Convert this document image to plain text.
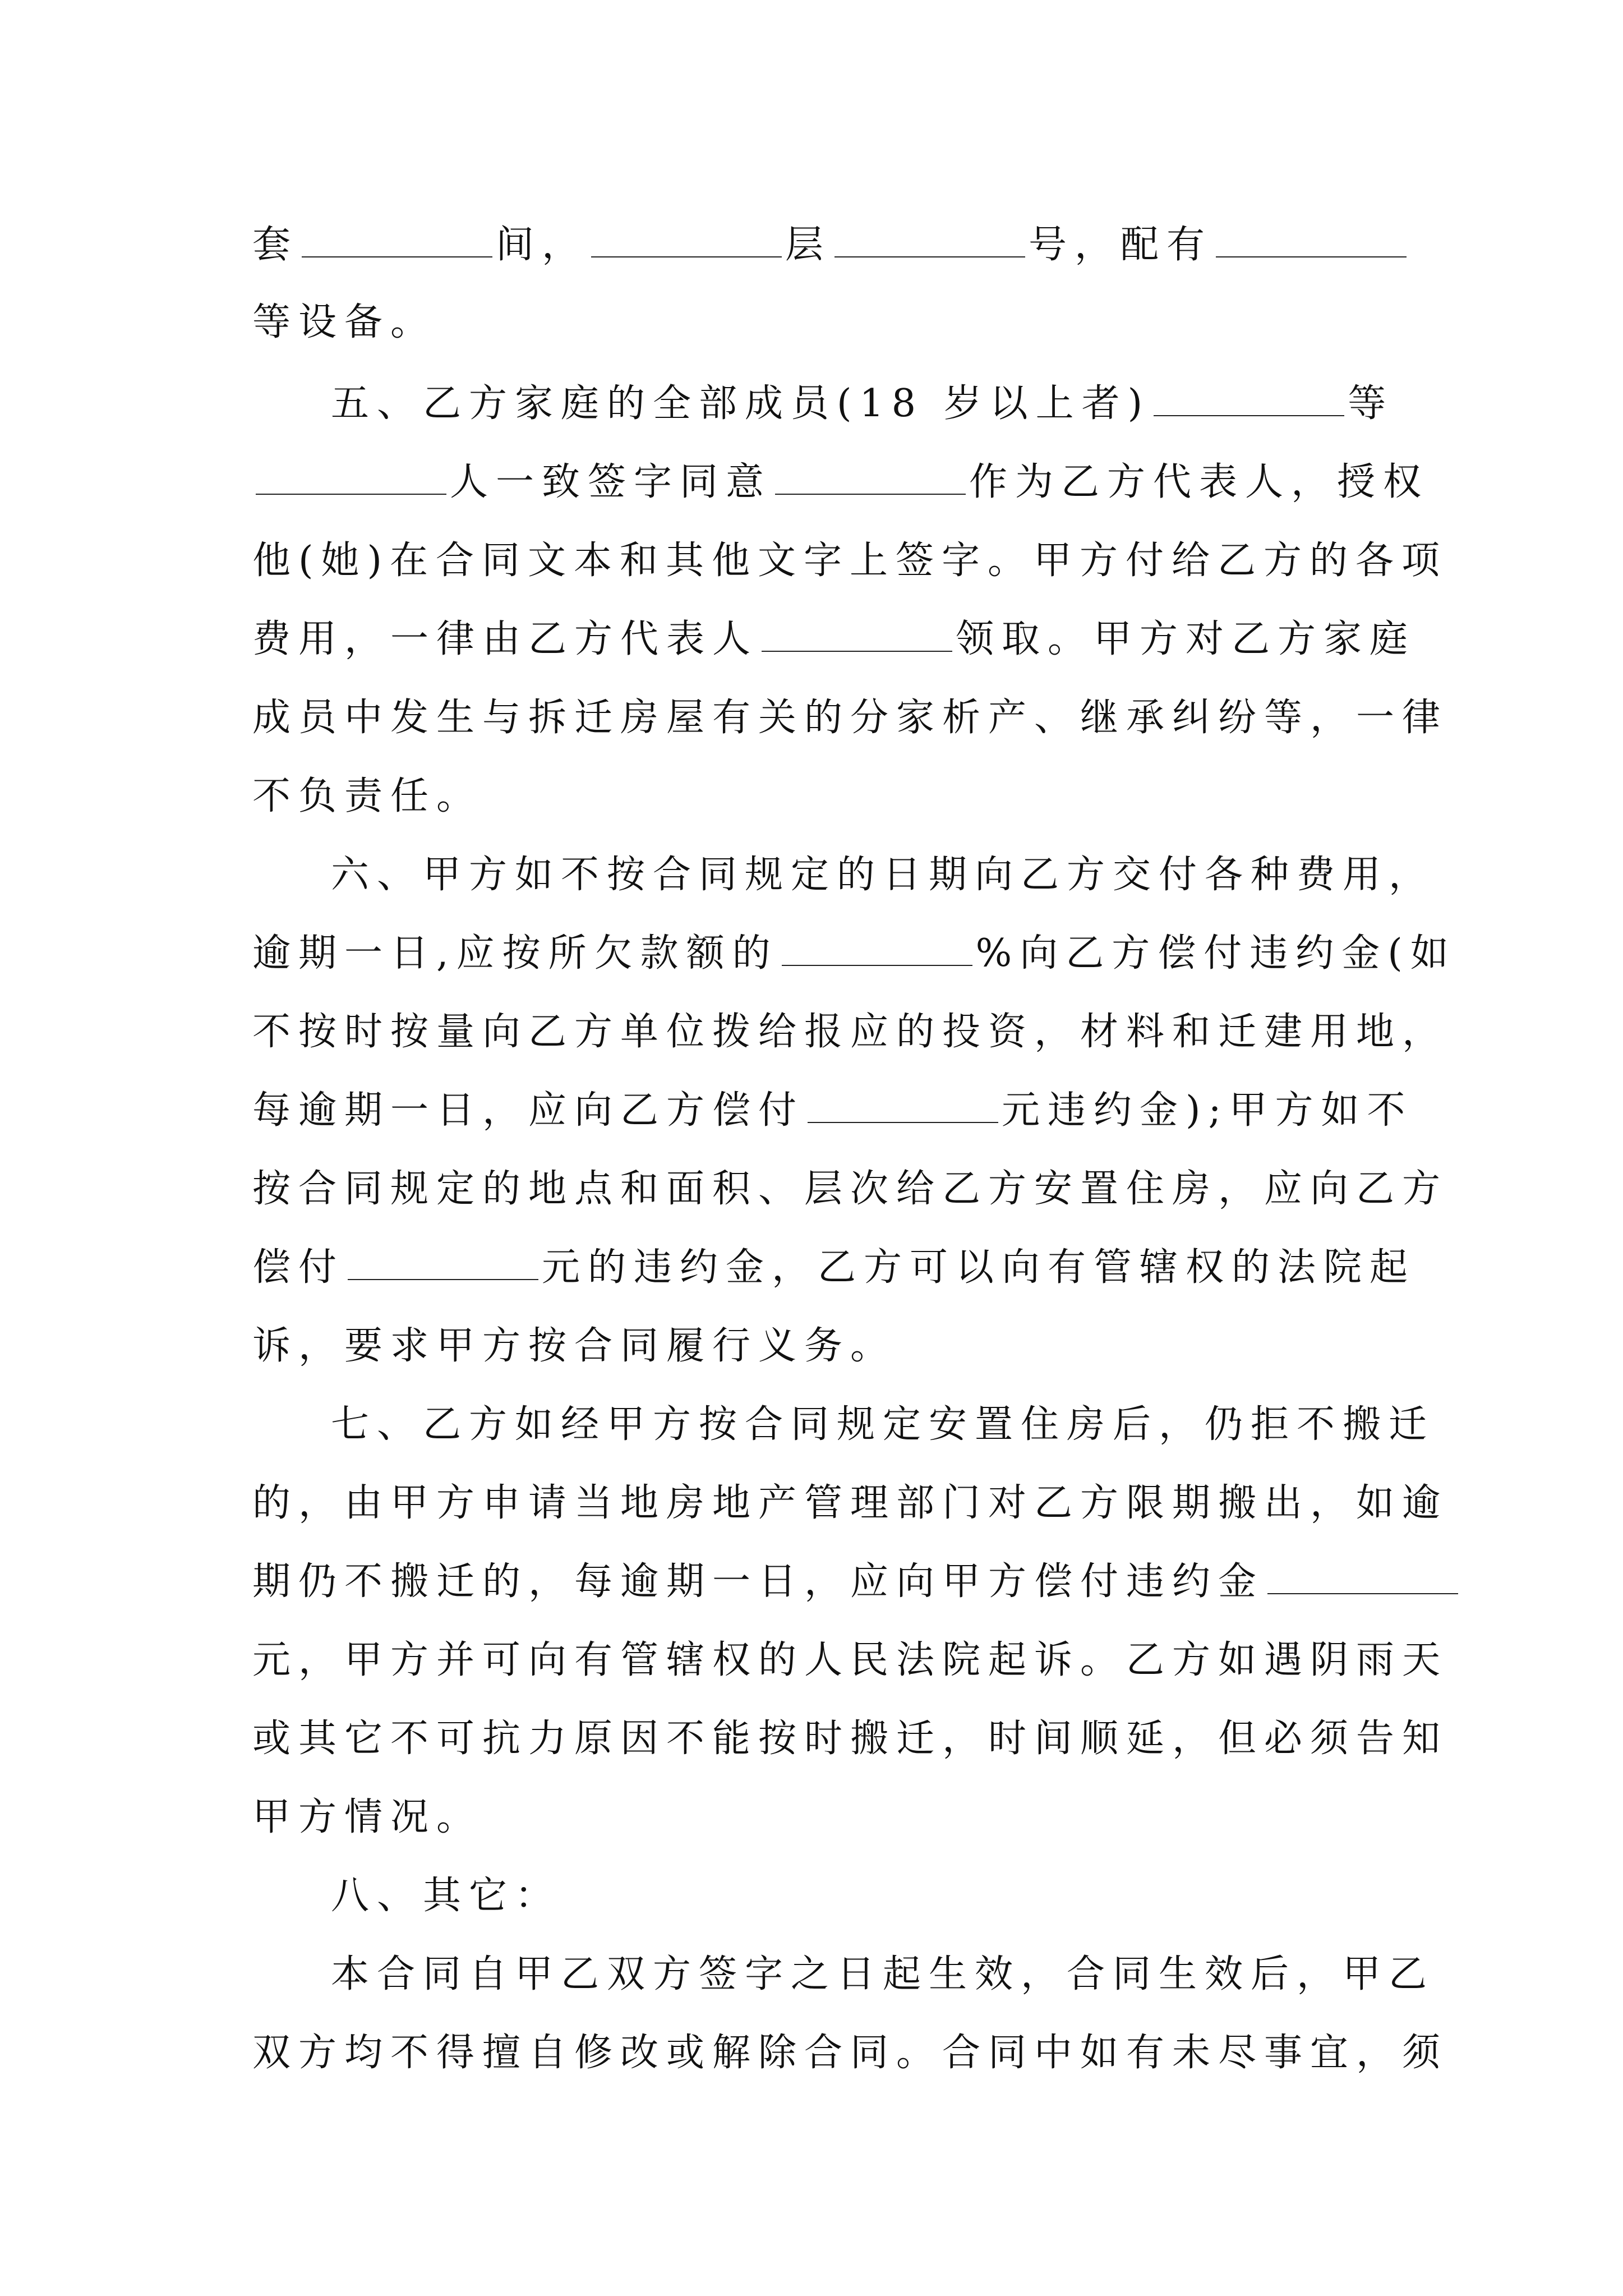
套	间，	层	号，配有
等设备。
五、乙方家庭的全部成员(18 岁以上者)	等
人一致签字同意	作为乙方代表人，授权
他(她)在合同文本和其他文字上签字。甲方付给乙方的各项
费用，一律由乙方代表人	领取。甲方对乙方家庭
成员中发生与拆迁房屋有关的分家析产、继承纠纷等，一律
不负责任。
六、甲方如不按合同规定的日期向乙方交付各种费用，
逾期一日,应按所欠款额的	%向乙方偿付违约金(如
不按时按量向乙方单位拨给报应的投资，材料和迁建用地，
每逾期一日，应向乙方偿付	元违约金);甲方如不
按合同规定的地点和面积、层次给乙方安置住房，应向乙方
偿付	元的违约金，乙方可以向有管辖权的法院起
诉，要求甲方按合同履行义务。
七、乙方如经甲方按合同规定安置住房后，仍拒不搬迁
的，由甲方申请当地房地产管理部门对乙方限期搬出，如逾
期仍不搬迁的，每逾期一日，应向甲方偿付违约金
元，甲方并可向有管辖权的人民法院起诉。乙方如遇阴雨天
或其它不可抗力原因不能按时搬迁，时间顺延，但必须告知
甲方情况。
八、其它：
本合同自甲乙双方签字之日起生效，合同生效后，甲乙
双方均不得擅自修改或解除合同。合同中如有未尽事宜，须
